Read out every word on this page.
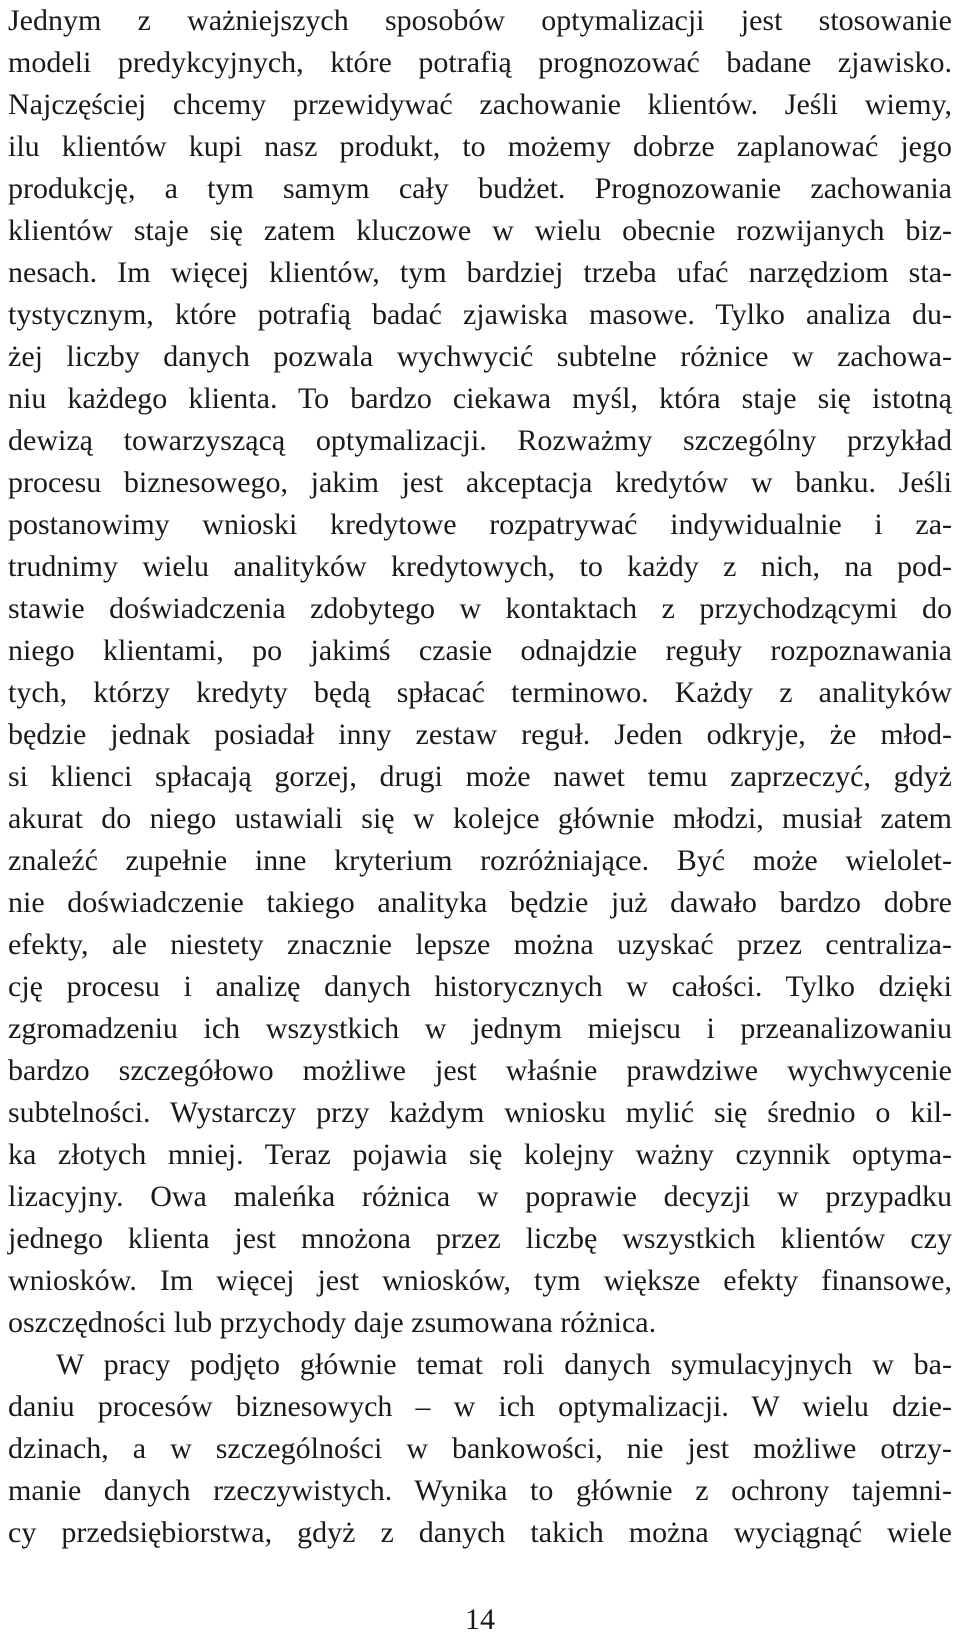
Jednym z ważniejszych sposobów optymalizacji jest stosowanie
modeli predykcyjnych, które potrafią prognozować badane zjawisko.
Najczęściej chcemy przewidywać zachowanie klientów. Jeśli wiemy,
ilu klientów kupi nasz produkt, to możemy dobrze zaplanować jego
produkcję, a tym samym cały budżet. Prognozowanie zachowania
klientów staje się zatem kluczowe w wielu obecnie rozwijanych biz-
nesach. Im więcej klientów, tym bardziej trzeba ufać narzędziom sta-
tystycznym, które potrafią badać zjawiska masowe. Tylko analiza du-
żej liczby danych pozwala wychwycić subtelne różnice w zachowa-
niu każdego klienta. To bardzo ciekawa myśl, która staje się istotną
dewizą towarzyszącą optymalizacji. Rozważmy szczególny przykład
procesu biznesowego, jakim jest akceptacja kredytów w banku. Jeśli
postanowimy wnioski kredytowe rozpatrywać indywidualnie i za-
trudnimy wielu analityków kredytowych, to każdy z nich, na pod-
stawie doświadczenia zdobytego w kontaktach z przychodzącymi do
niego klientami, po jakimś czasie odnajdzie reguły rozpoznawania
tych, którzy kredyty będą spłacać terminowo. Każdy z analityków
będzie jednak posiadał inny zestaw reguł. Jeden odkryje, że młod-
si klienci spłacają gorzej, drugi może nawet temu zaprzeczyć, gdyż
akurat do niego ustawiali się w kolejce głównie młodzi, musiał zatem
znaleźć zupełnie inne kryterium rozróżniające. Być może wielolet-
nie doświadczenie takiego analityka będzie już dawało bardzo dobre
efekty, ale niestety znacznie lepsze można uzyskać przez centraliza-
cję procesu i analizę danych historycznych w całości. Tylko dzięki
zgromadzeniu ich wszystkich w jednym miejscu i przeanalizowaniu
bardzo szczegółowo możliwe jest właśnie prawdziwe wychwycenie
subtelności. Wystarczy przy każdym wniosku mylić się średnio o kil-
ka złotych mniej. Teraz pojawia się kolejny ważny czynnik optyma-
lizacyjny. Owa maleńka różnica w poprawie decyzji w przypadku
jednego klienta jest mnożona przez liczbę wszystkich klientów czy
wniosków. Im więcej jest wniosków, tym większe efekty finansowe,
oszczędności lub przychody daje zsumowana różnica.
W pracy podjęto głównie temat roli danych symulacyjnych w ba-
daniu procesów biznesowych – w ich optymalizacji. W wielu dzie-
dzinach, a w szczególności w bankowości, nie jest możliwe otrzy-
manie danych rzeczywistych. Wynika to głównie z ochrony tajemni-
cy przedsiębiorstwa, gdyż z danych takich można wyciągnąć wiele
14
